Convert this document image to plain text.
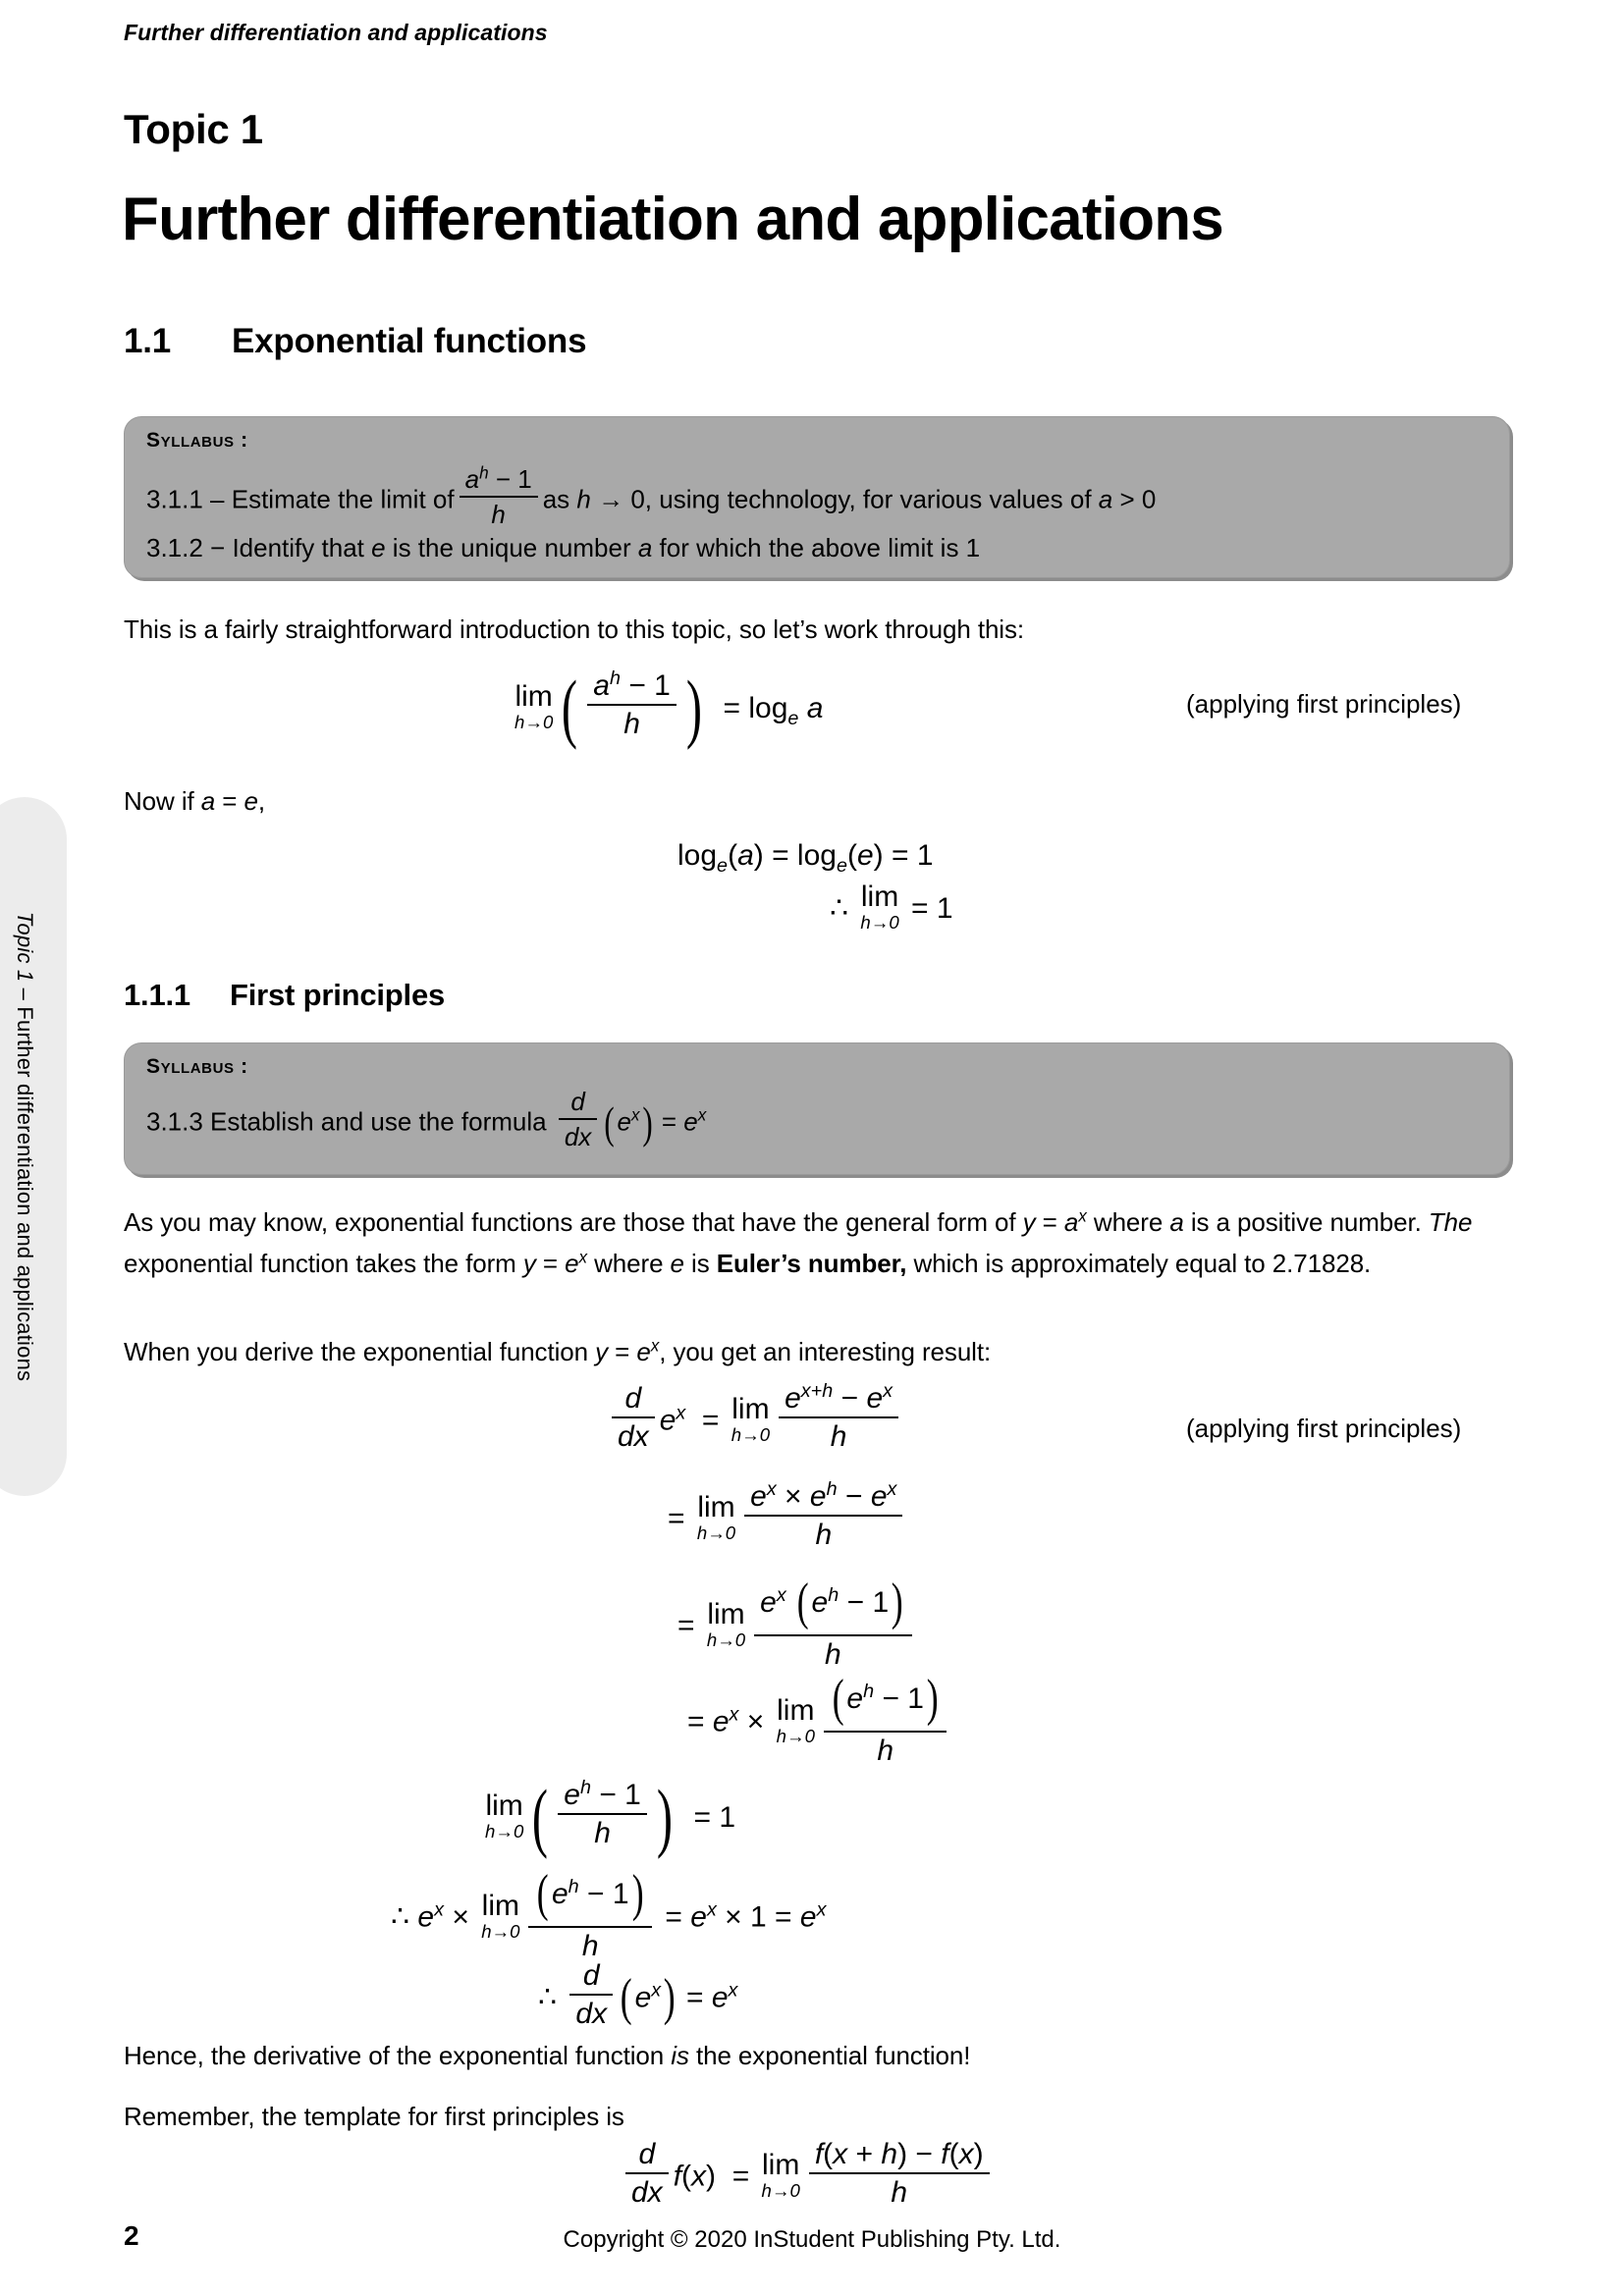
Further differentiation and applications
Topic 1 – Further differentiation and applications
Topic 1
Further differentiation and applications
1.1 Exponential functions
Syllabus :
3.1.1 – Estimate the limit of $\frac{a^h - 1}{h}$ as h → 0, using technology, for various values of a > 0
3.1.2 − Identify that e is the unique number a for which the above limit is 1
This is a fairly straightforward introduction to this topic, so let’s work through this:
lim
h→0 ( $\frac{a^h - 1}{h}$ )  = $\log_e a$	(applying first principles)
Now if a = e,
$\log_e(a) = \log_e(e) = 1$
∴ lim
h→0 = 1
1.1.1 First principles
Syllabus :
3.1.3 Establish and use the formula $\frac{d}{dx} (e^x) = e^x$
As you may know, exponential functions are those that have the general form of $y = a^x$ where a is a positive number. The exponential function takes the form $y = e^x$ where e is Euler’s number, which is approximately equal to 2.71828.
When you derive the exponential function $y = e^x$, you get an interesting result:
$\frac{d}{dx} e^x = \lim$
$h\to 0 \frac{e^{x+h} - e^x}{h}$	(applying first principles)
= lim
$h\to 0 \frac{e^x \times e^h - e^x}{h}$
= lim
$h\to 0 \frac{e^x (e^h - 1)}{h}$
= $e^x \times \lim$
$h\to 0 \frac{(e^h - 1)}{h}$
lim
h→0 ( $\frac{e^h - 1}{h}$ )  = 1
∴ $e^x \times \lim$
$h\to 0 \frac{(e^h - 1)}{h} = e^x \times 1 = e^x$
∴ $\frac{d}{dx} (e^x) = e^x$
Hence, the derivative of the exponential function is the exponential function!
Remember, the template for first principles is
$\frac{d}{dx} f(x) = \lim$
$h\to 0 \frac{f(x + h) - f(x)}{h}$
2	Copyright © 2020 InStudent Publishing Pty. Ltd.
